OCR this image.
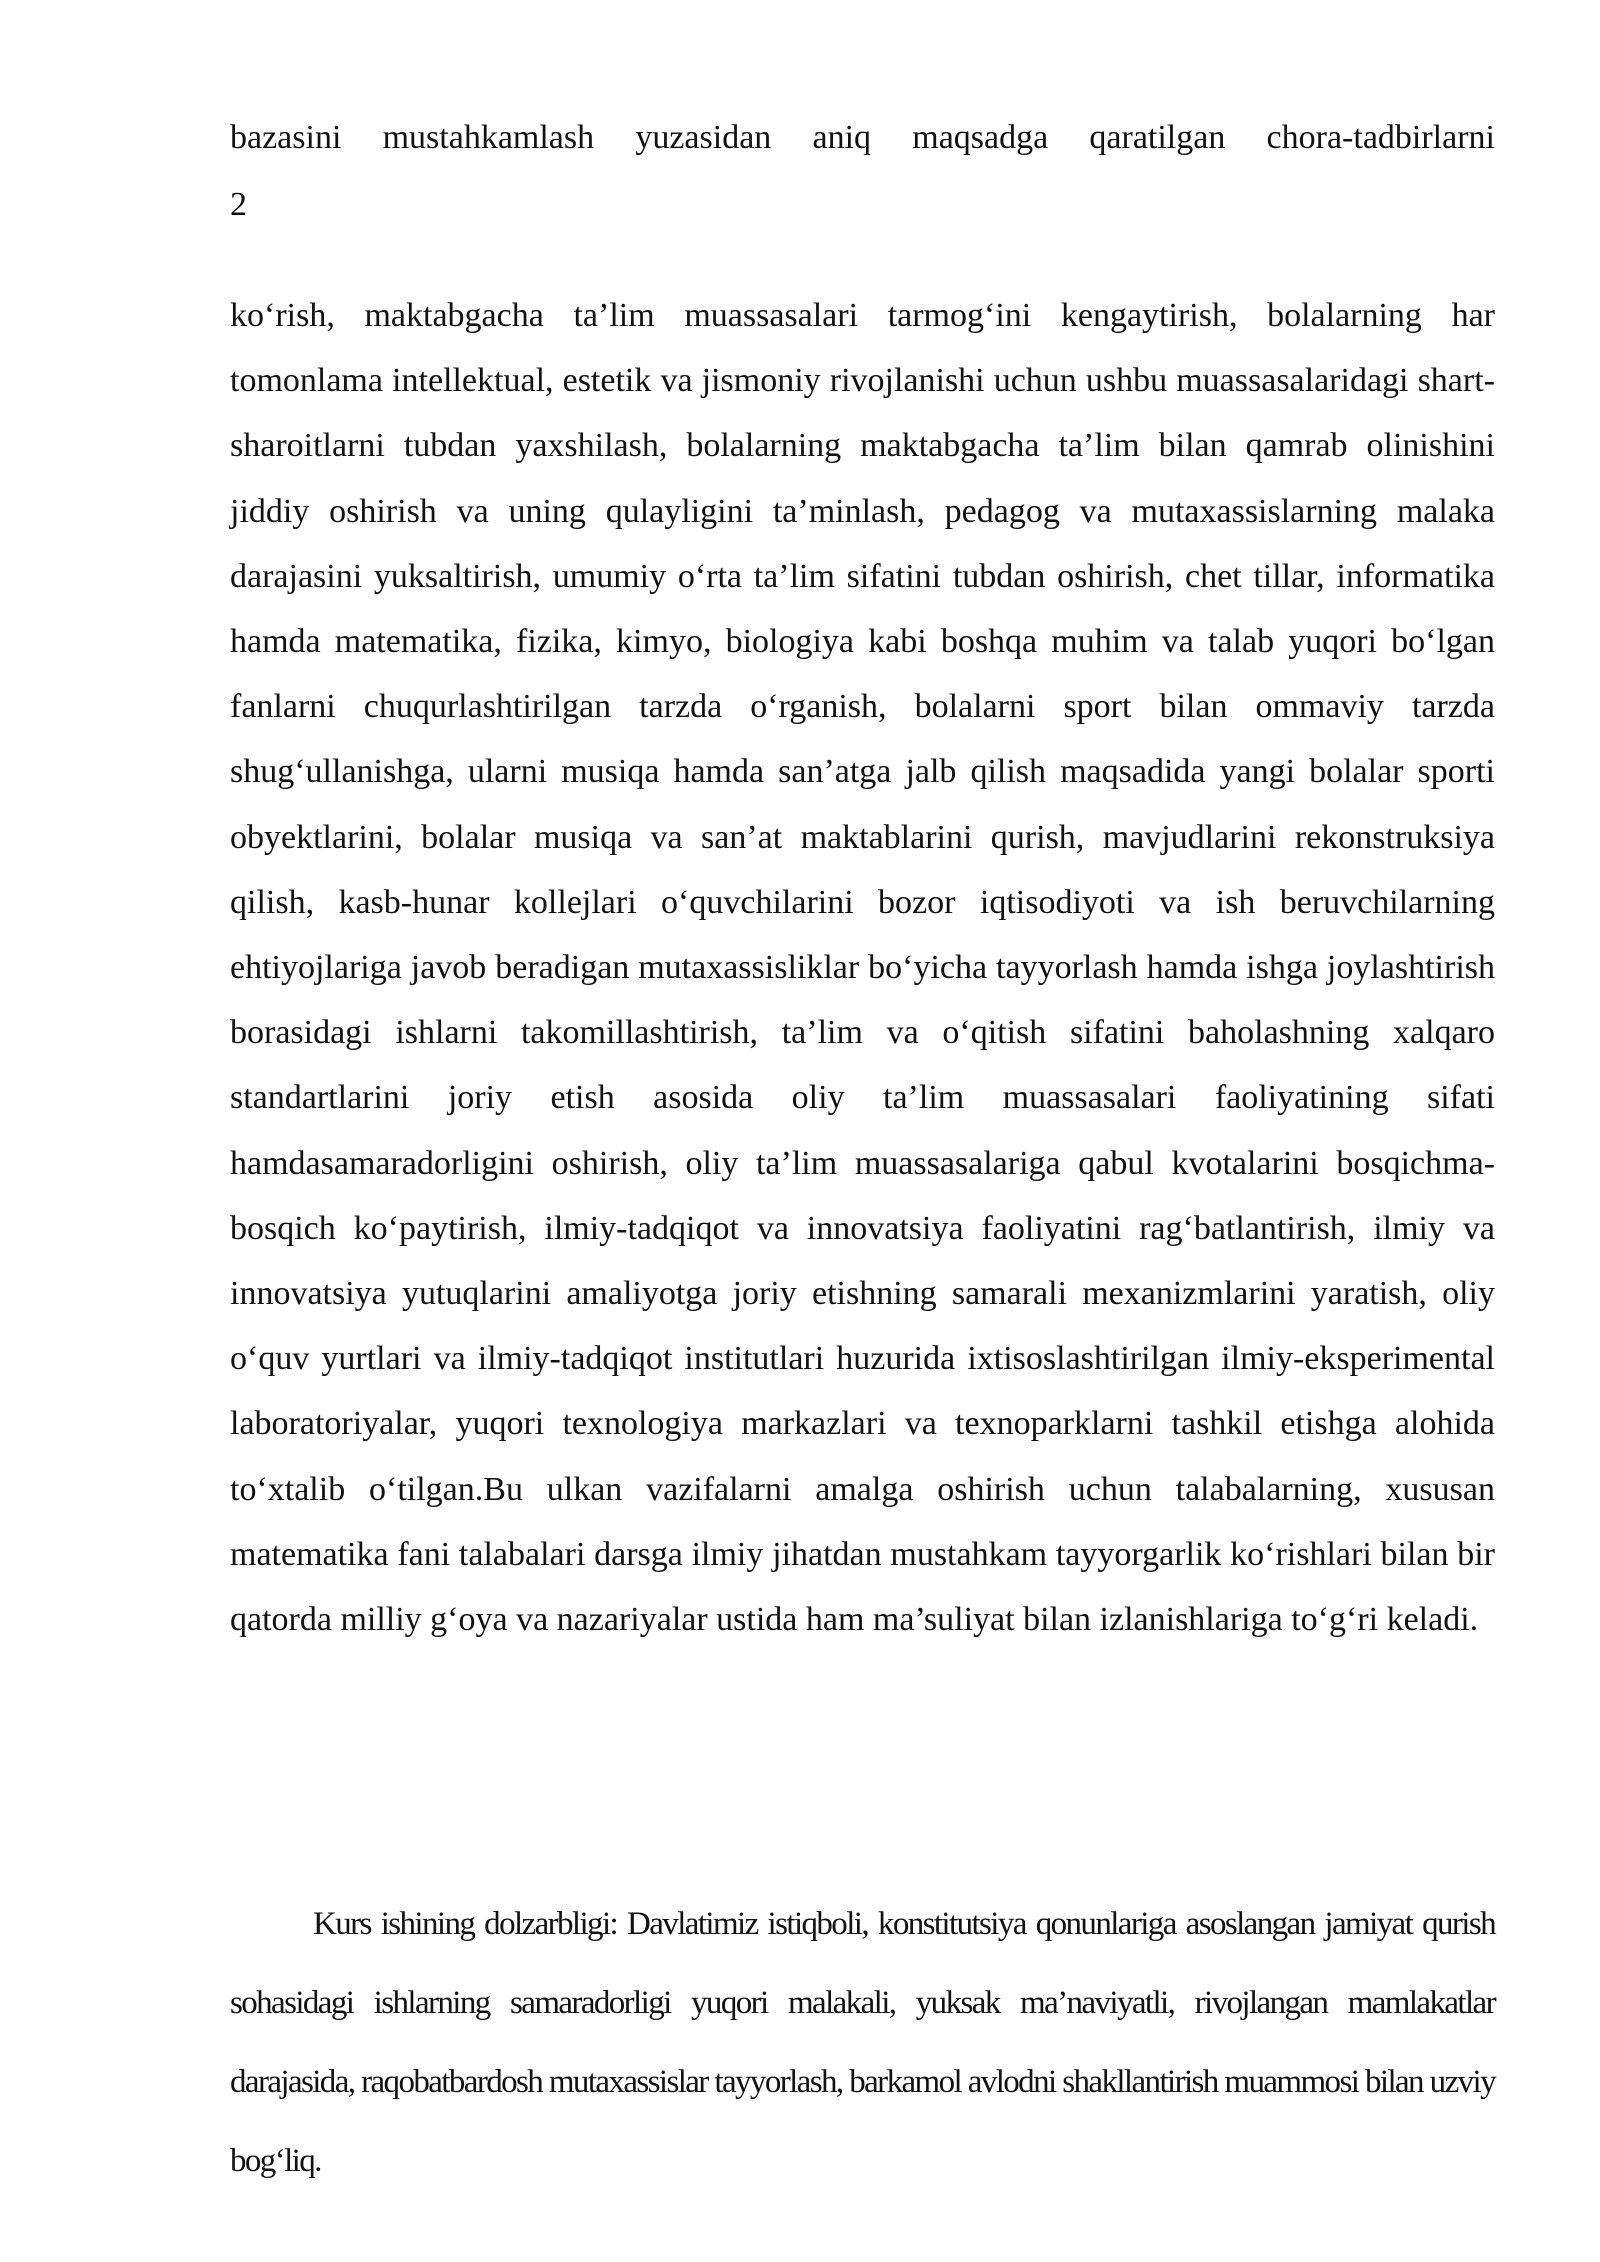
bazasini mustahkamlash yuzasidan aniq maqsadga qaratilgan chora-tadbirlarni
2

ko‘rish, maktabgacha ta’lim muassasalari tarmog‘ini kengaytirish, bolalarning har tomonlama intellektual, estetik va jismoniy rivojlanishi uchun ushbu muassasalaridagi shart-sharoitlarni tubdan yaxshilash, bolalarning maktabgacha ta’lim bilan qamrab olinishini jiddiy oshirish va uning qulayligini ta’minlash, pedagog va mutaxassislarning malaka darajasini yuksaltirish, umumiy o‘rta ta’lim sifatini tubdan oshirish, chet tillar, informatika hamda matematika, fizika, kimyo, biologiya kabi boshqa muhim va talab yuqori bo‘lgan fanlarni chuqurlashtirilgan tarzda o‘rganish, bolalarni sport bilan ommaviy tarzda shug‘ullanishga, ularni musiqa hamda san’atga jalb qilish maqsadida yangi bolalar sporti obyektlarini, bolalar musiqa va san’at maktablarini qurish, mavjudlarini rekonstruksiya qilish, kasb-hunar kollejlari o‘quvchilarini bozor iqtisodiyoti va ish beruvchilarning ehtiyojlariga javob beradigan mutaxassisliklar bo‘yicha tayyorlash hamda ishga joylashtirish borasidagi ishlarni takomillashtirish, ta’lim va o‘qitish sifatini baholashning xalqaro standartlarini joriy etish asosida oliy ta’lim muassasalari faoliyatining sifati hamdasamaradorligini oshirish, oliy ta’lim muassasalariga qabul kvotalarini bosqichma-bosqich ko‘paytirish, ilmiy-tadqiqot va innovatsiya faoliyatini rag‘batlantirish, ilmiy va innovatsiya yutuqlarini amaliyotga joriy etishning samarali mexanizmlarini yaratish, oliy o‘quv yurtlari va ilmiy-tadqiqot institutlari huzurida ixtisoslashtirilgan ilmiy-eksperimental laboratoriyalar, yuqori texnologiya markazlari va texnoparklarni tashkil etishga alohida to‘xtalib o‘tilgan.Bu ulkan vazifalarni amalga oshirish uchun talabalarning, xususan matematika fani talabalari darsga ilmiy jihatdan mustahkam tayyorgarlik ko‘rishlari bilan bir qatorda milliy g‘oya va nazariyalar ustida ham ma’suliyat bilan izlanishlariga to‘g‘ri keladi.

Kurs ishining dolzarbligi: Davlatimiz istiqboli, konstitutsiya qonunlariga asoslangan jamiyat qurish sohasidagi ishlarning samaradorligi yuqori malakali, yuksak ma’naviyatli, rivojlangan mamlakatlar darajasida, raqobatbardosh mutaxassislar tayyorlash, barkamol avlodni shakllantirish muammosi bilan uzviy bog‘liq.
